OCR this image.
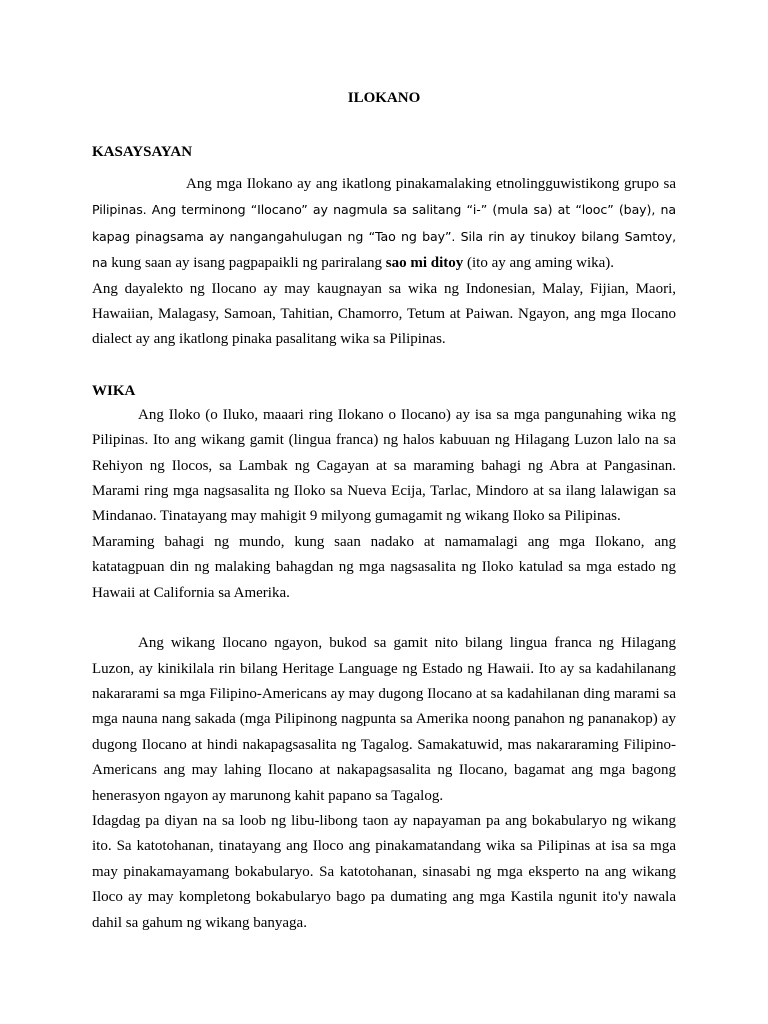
ILOKANO
KASAYSAYAN

Ang mga Ilokano ay ang ikatlong pinakamalaking etnolingguwistikong grupo sa Pilipinas. Ang terminong “Ilocano” ay nagmula sa salitang “i-” (mula sa) at “looc” (bay), na kapag pinagsama ay nangangahulugan ng “Tao ng bay”. Sila rin ay tinukoy bilang Samtoy, na kung saan ay isang pagpapaikli ng pariralang sao mi ditoy (ito ay ang aming wika).

Ang dayalekto ng Ilocano ay may kaugnayan sa wika ng Indonesian, Malay, Fijian, Maori, Hawaiian, Malagasy, Samoan, Tahitian, Chamorro, Tetum at Paiwan. Ngayon, ang mga Ilocano dialect ay ang ikatlong pinaka pasalitang wika sa Pilipinas.

WIKA

Ang Iloko (o Iluko, maaari ring Ilokano o Ilocano) ay isa sa mga pangunahing wika ng Pilipinas. Ito ang wikang gamit (lingua franca) ng halos kabuuan ng Hilagang Luzon lalo na sa Rehiyon ng Ilocos, sa Lambak ng Cagayan at sa maraming bahagi ng Abra at Pangasinan. Marami ring mga nagsasalita ng Iloko sa Nueva Ecija, Tarlac, Mindoro at sa ilang lalawigan sa Mindanao. Tinatayang may mahigit 9 milyong gumagamit ng wikang Iloko sa Pilipinas.

Maraming bahagi ng mundo, kung saan nadako at namamalagi ang mga Ilokano, ang katatagpuan din ng malaking bahagdan ng mga nagsasalita ng Iloko katulad sa mga estado ng Hawaii at California sa Amerika.

Ang wikang Ilocano ngayon, bukod sa gamit nito bilang lingua franca ng Hilagang Luzon, ay kinikilala rin bilang Heritage Language ng Estado ng Hawaii. Ito ay sa kadahilanang nakararami sa mga Filipino-Americans ay may dugong Ilocano at sa kadahilanan ding marami sa mga nauna nang sakada (mga Pilipinong nagpunta sa Amerika noong panahon ng pananakop) ay dugong Ilocano at hindi nakapagsasalita ng Tagalog. Samakatuwid, mas nakararaming Filipino-Americans ang may lahing Ilocano at nakapagsasalita ng Ilocano, bagamat ang mga bagong henerasyon ngayon ay marunong kahit papano sa Tagalog.

Idagdag pa diyan na sa loob ng libu-libong taon ay napayaman pa ang bokabularyo ng wikang ito. Sa katotohanan, tinatayang ang Iloco ang pinakamatandang wika sa Pilipinas at isa sa mga may pinakamayamang bokabularyo. Sa katotohanan, sinasabi ng mga eksperto na ang wikang Iloco ay may kompletong bokabularyo bago pa dumating ang mga Kastila ngunit ito'y nawala dahil sa gahum ng wikang banyaga.
